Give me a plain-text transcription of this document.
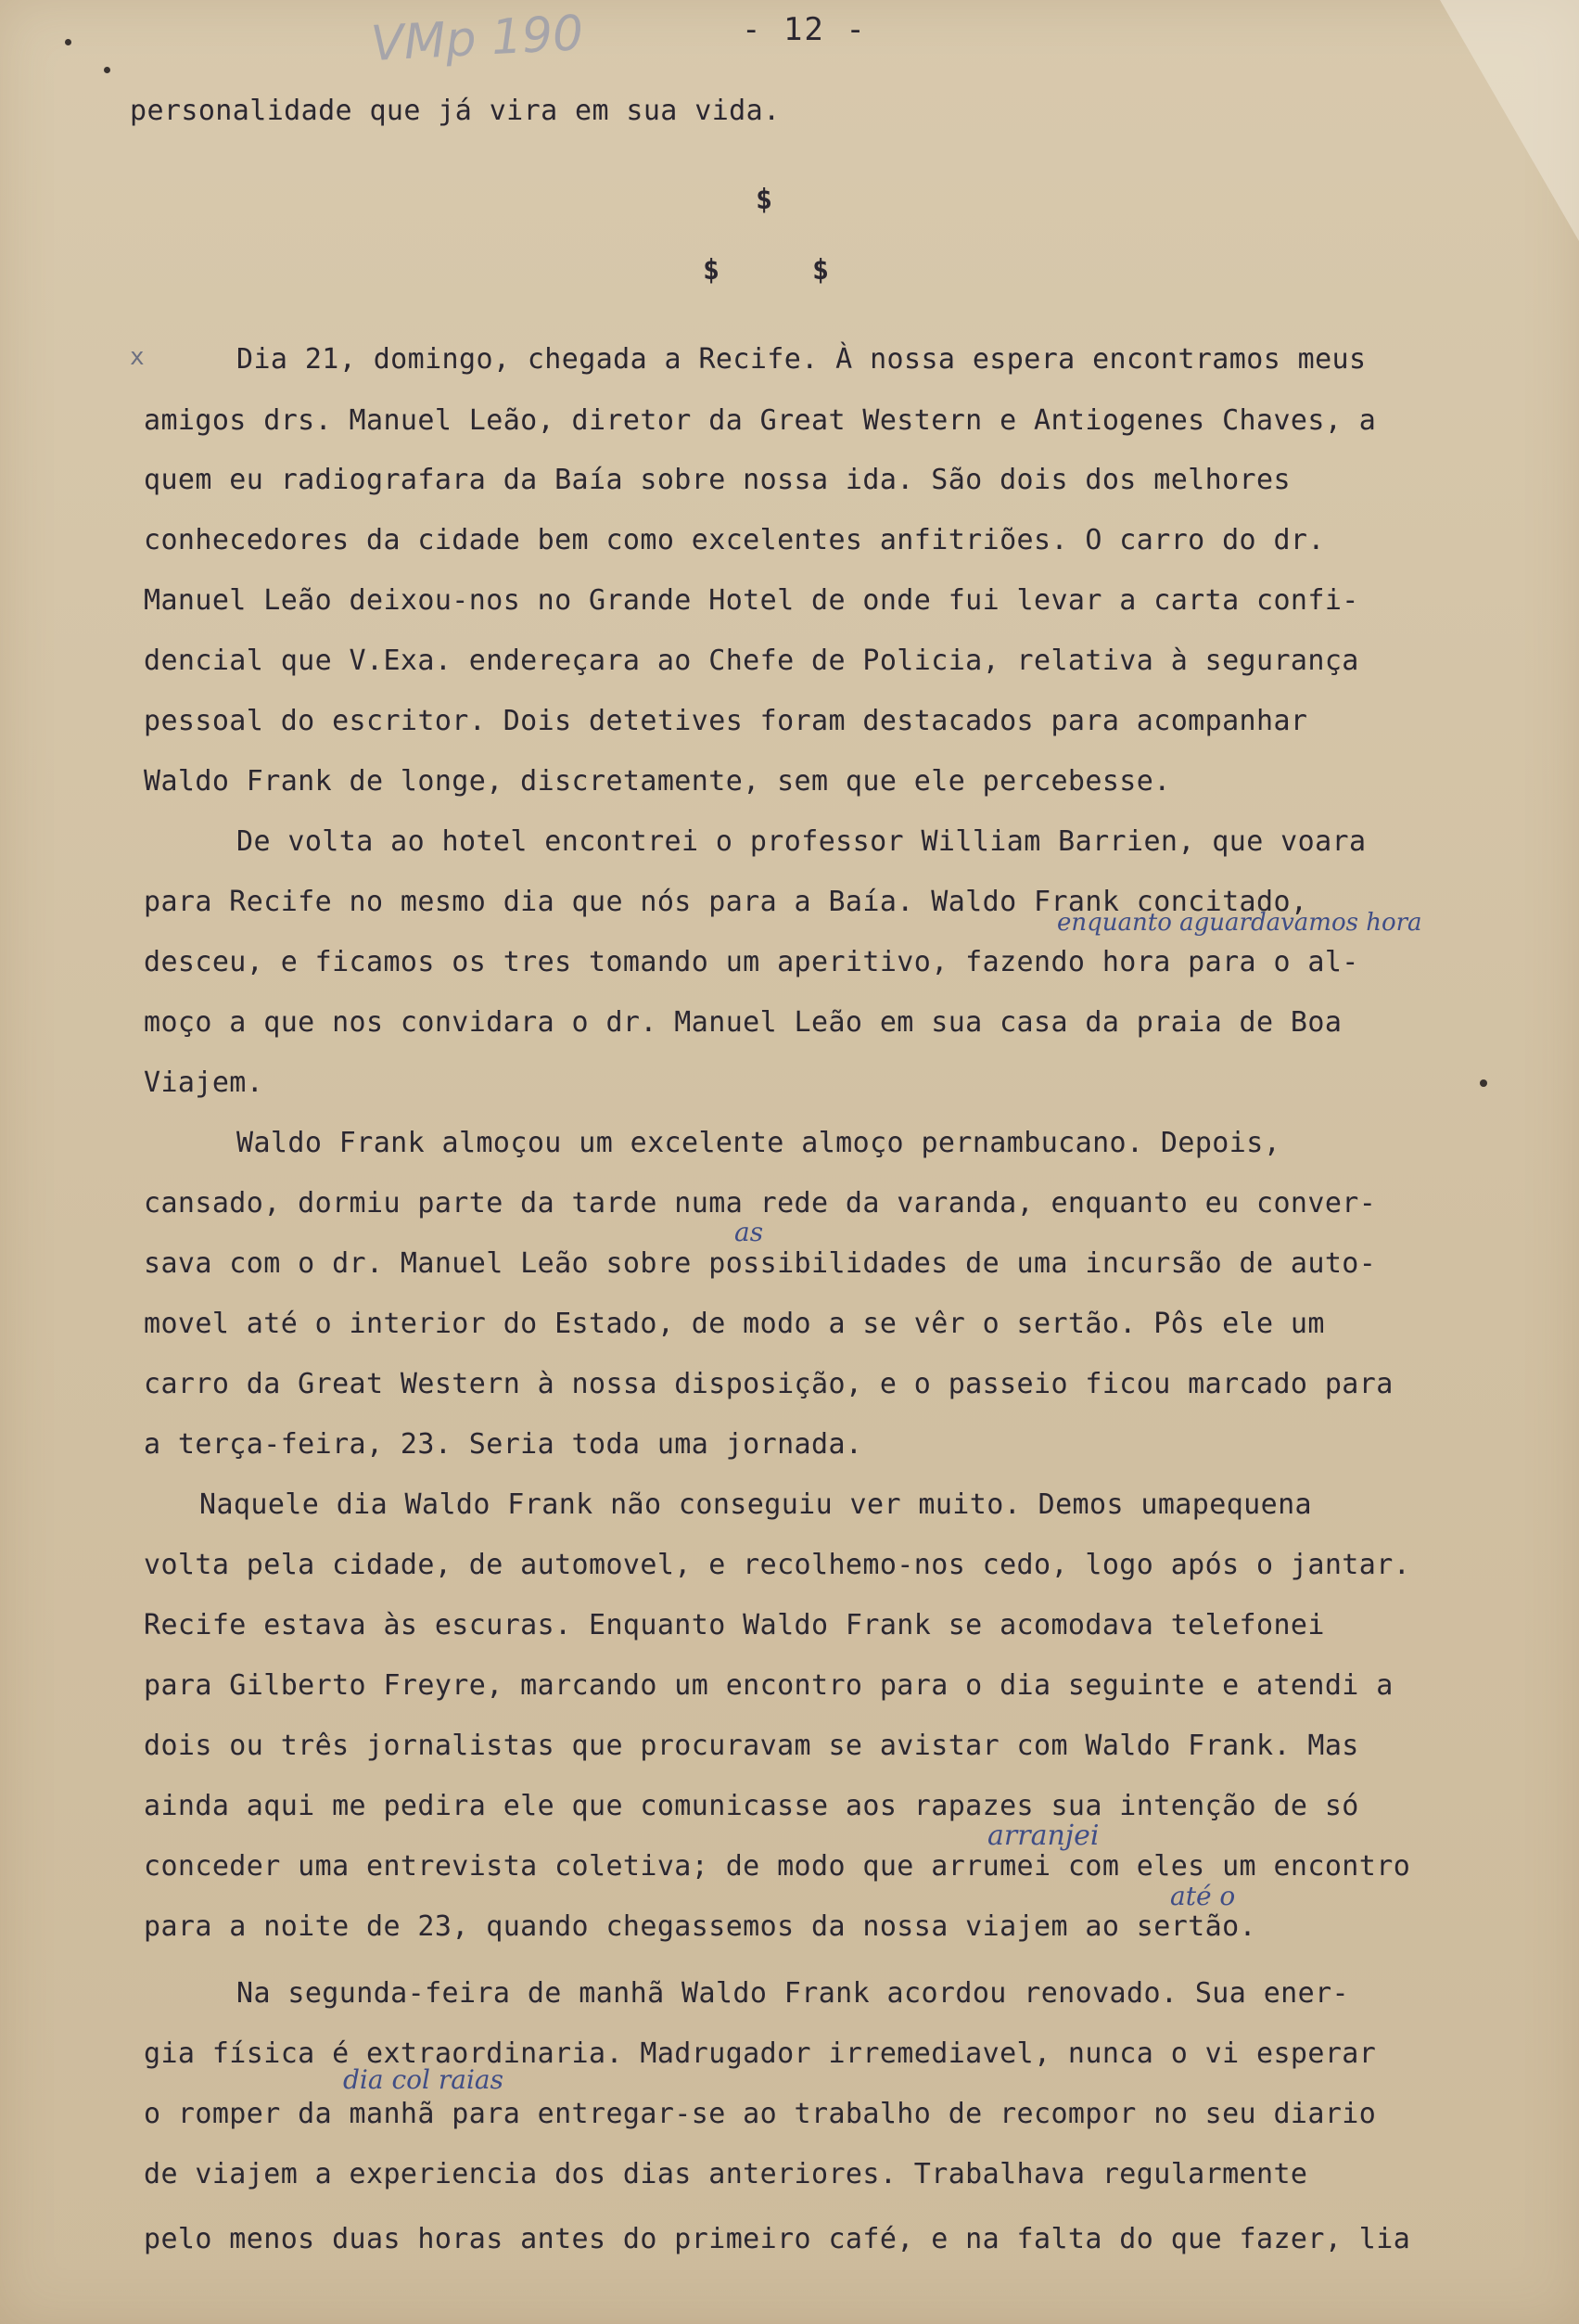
VMp 190	- 12 -
personalidade que já vira em sua vida.
$
$	$
x	Dia 21, domingo, chegada a Recife. À nossa espera encontramos meus
amigos drs. Manuel Leão, diretor da Great Western e Antiogenes Chaves, a
quem eu radiografara da Baía sobre nossa ida. São dois dos melhores
conhecedores da cidade bem como excelentes anfitriões. O carro do dr.
Manuel Leão deixou-nos no Grande Hotel de onde fui levar a carta confi-
dencial que V.Exa. endereçara ao Chefe de Policia, relativa à segurança
pessoal do escritor. Dois detetives foram destacados para acompanhar
Waldo Frank de longe, discretamente, sem que ele percebesse.
De volta ao hotel encontrei o professor William Barrien, que voara
para Recife no mesmo dia que nós para a Baía. Waldo Frank concitado,
enquanto aguardavamos hora
desceu, e ficamos os tres tomando um aperitivo, fazendo hora para o al-
moço a que nos convidara o dr. Manuel Leão em sua casa da praia de Boa
Viajem.
Waldo Frank almoçou um excelente almoço pernambucano. Depois,
cansado, dormiu parte da tarde numa rede da varanda, enquanto eu conver-
as
sava com o dr. Manuel Leão sobre possibilidades de uma incursão de auto-
movel até o interior do Estado, de modo a se vêr o sertão. Pôs ele um
carro da Great Western à nossa disposição, e o passeio ficou marcado para
a terça-feira, 23. Seria toda uma jornada.
Naquele dia Waldo Frank não conseguiu ver muito. Demos umapequena
volta pela cidade, de automovel, e recolhemo-nos cedo, logo após o jantar.
Recife estava às escuras. Enquanto Waldo Frank se acomodava telefonei
para Gilberto Freyre, marcando um encontro para o dia seguinte e atendi a
dois ou três jornalistas que procuravam se avistar com Waldo Frank. Mas
ainda aqui me pedira ele que comunicasse aos rapazes sua intenção de só
arranjei
conceder uma entrevista coletiva; de modo que arrumei com eles um encontro
até o
para a noite de 23, quando chegassemos da nossa viajem ao sertão.
Na segunda-feira de manhã Waldo Frank acordou renovado. Sua ener-
gia física é extraordinaria. Madrugador irremediavel, nunca o vi esperar
dia col raias
o romper da manhã para entregar-se ao trabalho de recompor no seu diario
de viajem a experiencia dos dias anteriores. Trabalhava regularmente
pelo menos duas horas antes do primeiro café, e na falta do que fazer, lia
